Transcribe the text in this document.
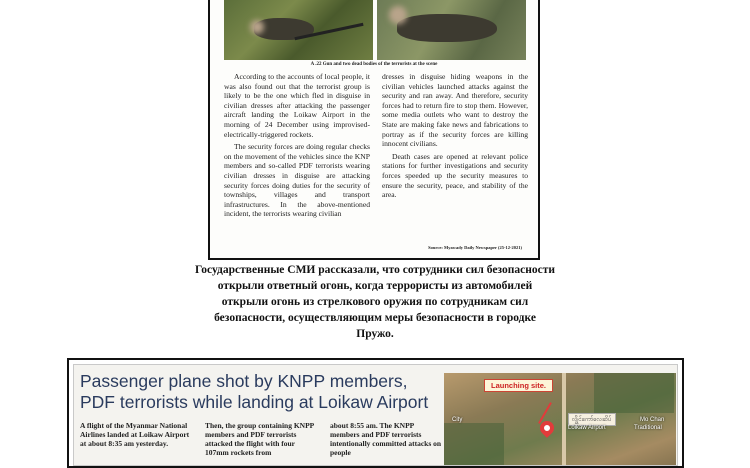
A .22 Gun and two dead bodies of the terrorists at the scene

According to the accounts of local people, it was also found out that the terrorist group is likely to be the one which fled in disguise in civilian dresses after attacking the passenger aircraft landing the Loikaw Airport in the morning of 24 December using improvised-electrically-triggered rockets.

The security forces are doing regular checks on the movement of the vehicles since the KNP members and so-called PDF terrorists wearing civilian dresses in disguise are attacking security forces doing duties for the security of townships, villages and transport infrastructures. In the above-mentioned incident, the terrorists wearing civilian

dresses in disguise hiding weapons in the civilian vehicles launched attacks against the security and ran away. And therefore, security forces had to return fire to stop them. However, some media outlets who want to destroy the State are making fake news and fabrications to portray as if the security forces are killing innocent civilians.

Death cases are opened at relevant police stations for further investigations and security forces speeded up the security measures to ensure the security, peace, and stability of the area.

Source: Myawady Daily Newspaper (25-12-2021)
Государственные СМИ рассказали, что сотрудники сил безопасности открыли ответный огонь, когда террористы из автомобилей открыли огонь из стрелкового оружия по сотрудникам сил безопасности, осуществляющим меры безопасности в городке Пружо.
Passenger plane shot by KNPP members, PDF terrorists while landing at Loikaw Airport
A flight of the Myanmar National Airlines landed at Loikaw Airport at about 8:35 am yesterday.
Then, the group containing KNPP members and PDF terrorists attacked the flight with four 107mm rockets from
about 8:55 am. The KNPP members and PDF terrorists intentionally committed attacks on people
Launching site.
လွိုင်ကော်လေဆိပ်
Loikaw Airport
Mo Chan
Traditional
City
